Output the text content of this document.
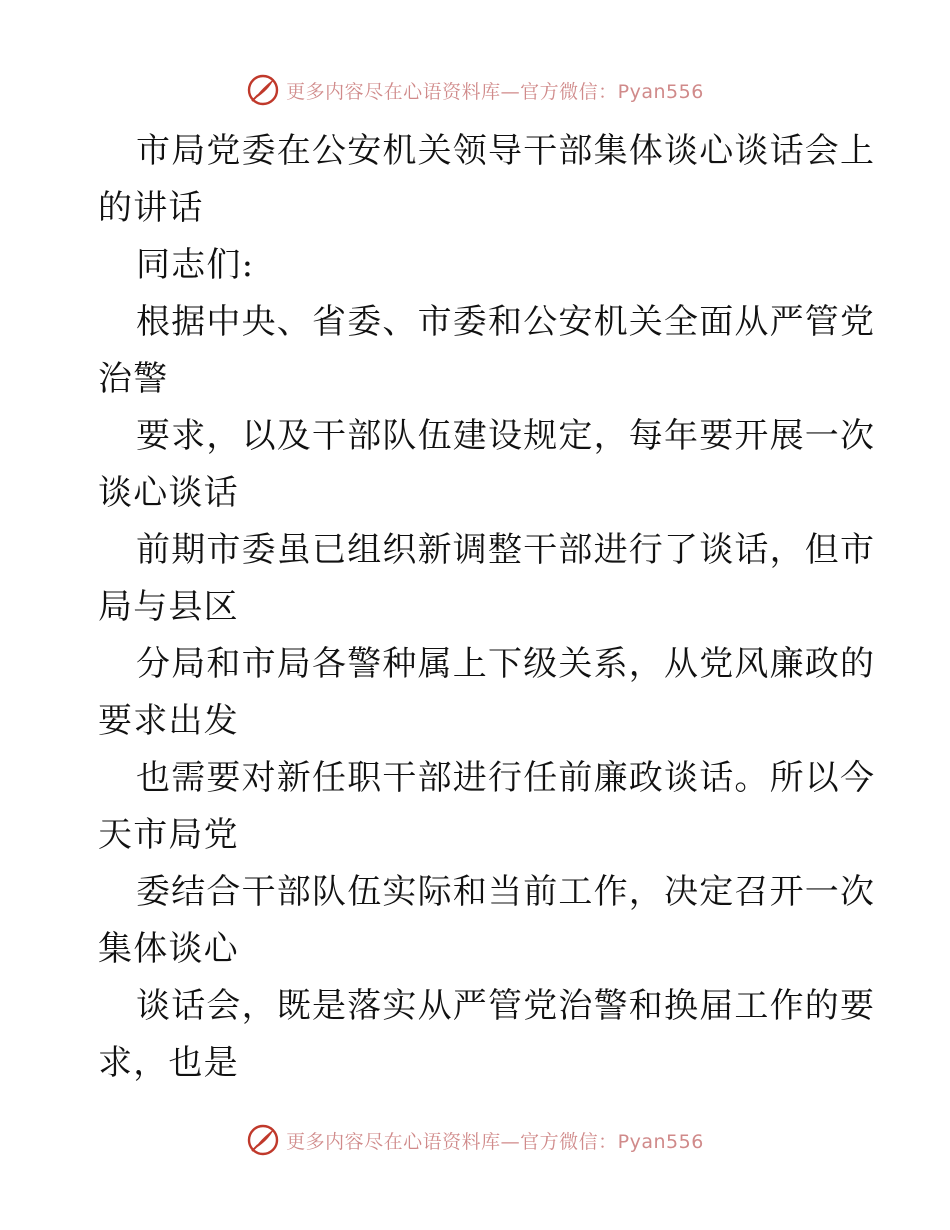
更多内容尽在心语资料库—官方微信：Pyan556
市局党委在公安机关领导干部集体谈心谈话会上
的讲话
同志们:
根据中央、省委、市委和公安机关全面从严管党
治警
要求，以及干部队伍建设规定，每年要开展一次
谈心谈话
前期市委虽已组织新调整干部进行了谈话，但市
局与县区
分局和市局各警种属上下级关系，从党风廉政的
要求出发
也需要对新任职干部进行任前廉政谈话。所以今
天市局党
委结合干部队伍实际和当前工作，决定召开一次
集体谈心
谈话会，既是落实从严管党治警和换届工作的要
求，也是
更多内容尽在心语资料库—官方微信：Pyan556
